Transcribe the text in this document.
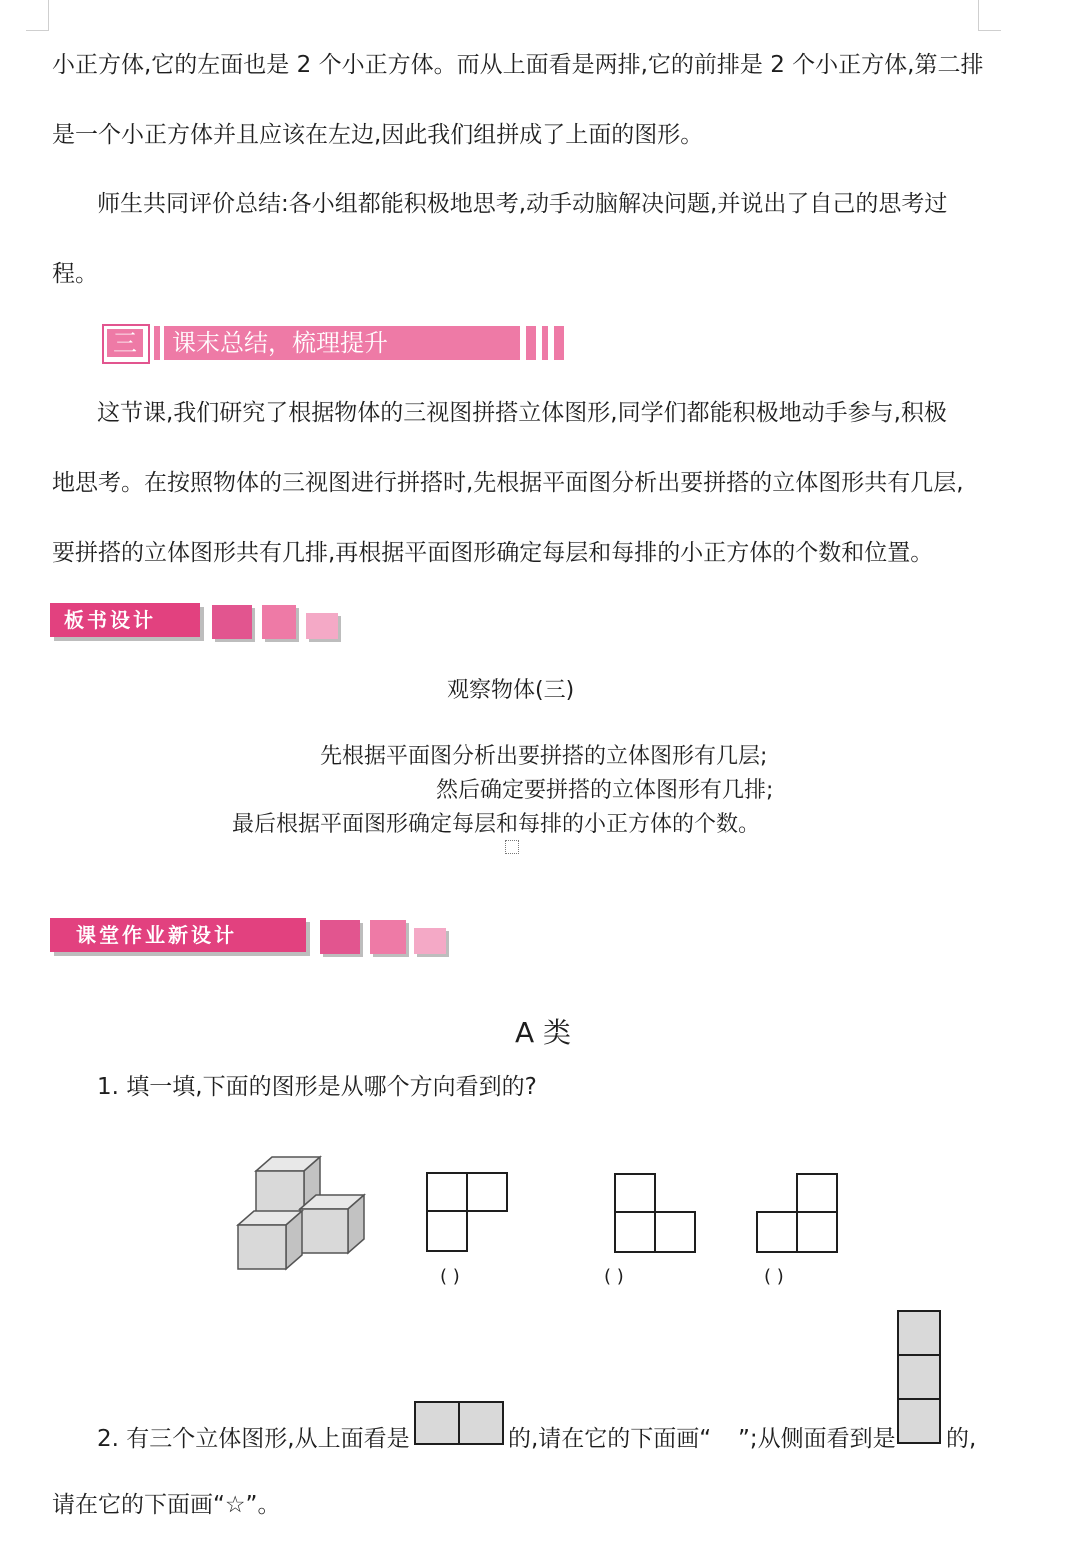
小正方体,它的左面也是 2 个小正方体。而从上面看是两排,它的前排是 2 个小正方体,第二排
是一个小正方体并且应该在左边,因此我们组拼成了上面的图形。
师生共同评价总结:各小组都能积极地思考,动手动脑解决问题,并说出了自己的思考过
程。
三 课末总结，梳理提升
这节课,我们研究了根据物体的三视图拼搭立体图形,同学们都能积极地动手参与,积极
地思考。在按照物体的三视图进行拼搭时,先根据平面图分析出要拼搭的立体图形共有几层,
要拼搭的立体图形共有几排,再根据平面图形确定每层和每排的小正方体的个数和位置。
板书设计
观察物体(三)
先根据平面图分析出要拼搭的立体图形有几层;
然后确定要拼搭的立体图形有几排;
最后根据平面图形确定每层和每排的小正方体的个数。
课堂作业新设计
A 类
1. 填一填,下面的图形是从哪个方向看到的?
( )	( )	( )
2. 有三个立体图形,从上面看是	的,请在它的下面画“ ”;从侧面看到是 的,
请在它的下面画“☆”。
